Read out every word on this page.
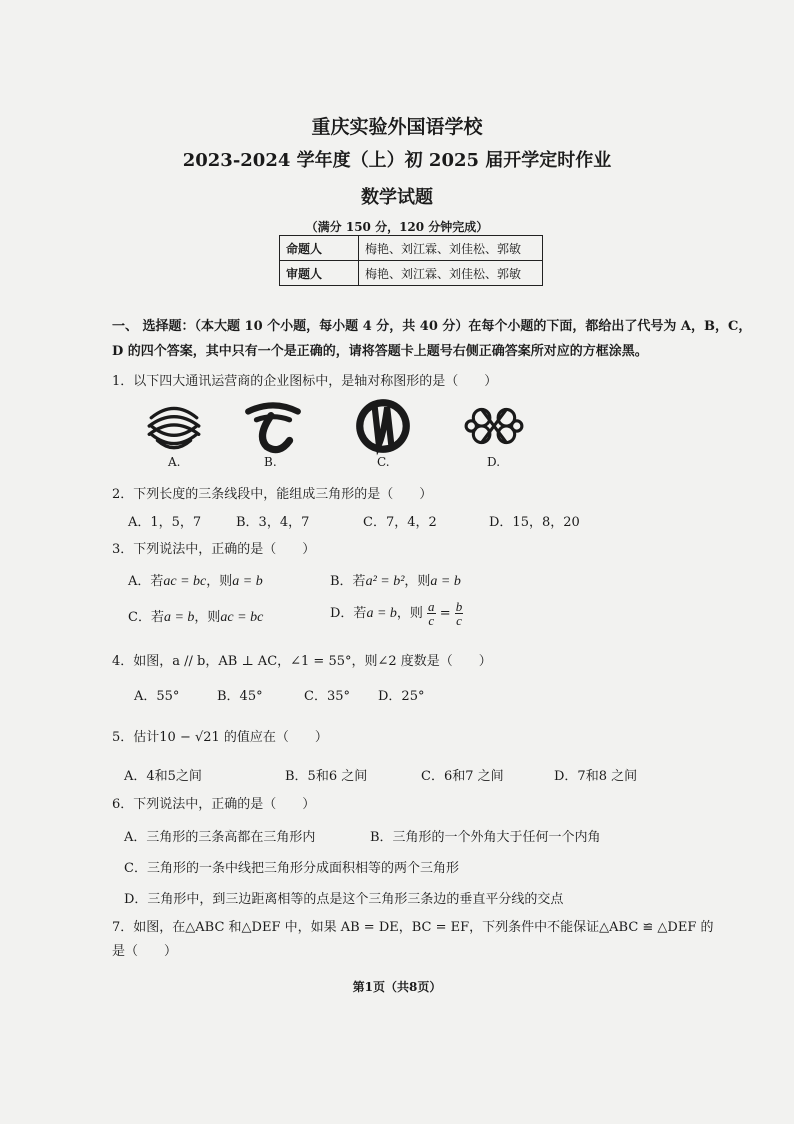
重庆实验外国语学校
2023-2024 学年度（上）初 2025 届开学定时作业
数学试题
（满分 150 分，120 分钟完成）
命题人	梅艳、刘江霖、刘佳松、郭敏
审题人	梅艳、刘江霖、刘佳松、郭敏
一、 选择题：（本大题 10 个小题，每小题 4 分，共 40 分）在每个小题的下面，都给出了代号为 A，B，C，
D 的四个答案，其中只有一个是正确的，请将答题卡上题号右侧正确答案所对应的方框涂黑。
1．以下四大通讯运营商的企业图标中，是轴对称图形的是（　　）
A.	B.	C.	D.
2．下列长度的三条线段中，能组成三角形的是（　　）
A．1，5，7	B．3，4，7	C．7，4，2	D．15，8，20
3．下列说法中，正确的是（　　）
A．若ac = bc，则a = b	B．若a² = b²，则a = b
C．若a = b，则ac = bc	D．若a = b，则 $\frac{a}{c} = \frac{b}{c}$
4．如图，a // b，AB ⊥ AC，∠1 = 55°，则∠2 度数是（　　）
A．55°	B．45°	C．35° D．25°
5．估计10 − √21 的值应在（　　）
A．4和5之间	B．5和6 之间	C．6和7 之间	D．7和8 之间
6．下列说法中，正确的是（　　）
A．三角形的三条高都在三角形内	B．三角形的一个外角大于任何一个内角
C．三角形的一条中线把三角形分成面积相等的两个三角形
D．三角形中，到三边距离相等的点是这个三角形三条边的垂直平分线的交点
7．如图，在△ABC 和△DEF 中，如果 AB = DE，BC = EF，下列条件中不能保证△ABC ≌ △DEF 的
是（　　）
第1页（共8页）
